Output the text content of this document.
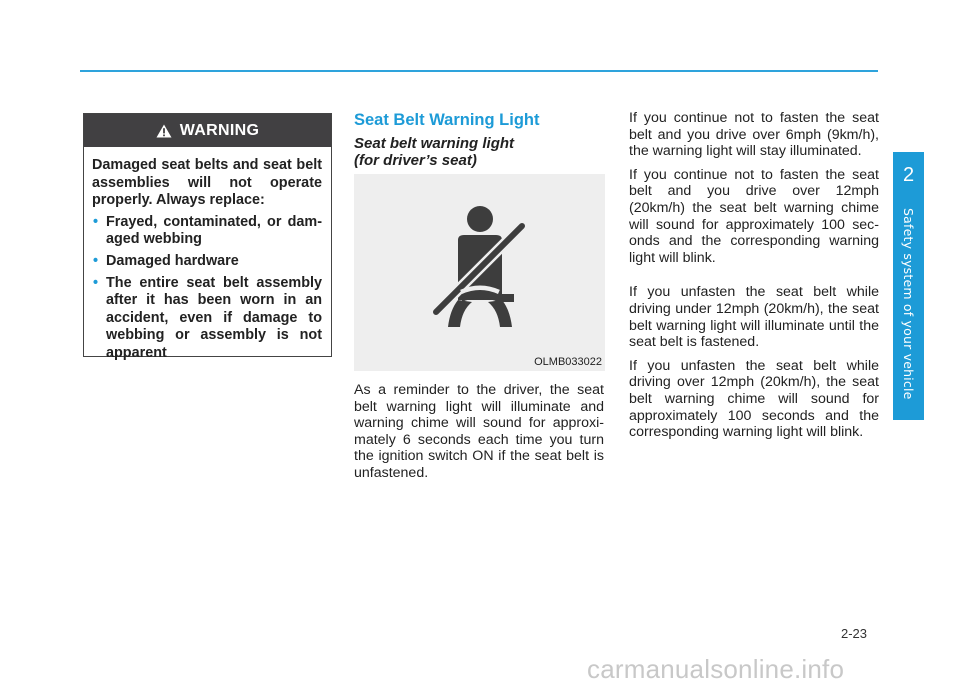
2
Safety system of your vehicle
WARNING

Damaged seat belts and seat belt assemblies will not operate properly. Always replace:

• Frayed, contaminated, or dam-aged webbing
• Damaged hardware
• The entire seat belt assembly after it has been worn in an accident, even if damage to webbing or assembly is not apparent
Seat Belt Warning Light
Seat belt warning light
(for driver’s seat)
OLMB033022

As a reminder to the driver, the seat belt warning light will illuminate and warning chime will sound for approxi-mately 6 seconds each time you turn the ignition switch ON if the seat belt is unfastened.

If you continue not to fasten the seat belt and you drive over 6mph (9km/h), the warning light will stay illuminated.

If you continue not to fasten the seat belt and you drive over 12mph (20km/h) the seat belt warning chime will sound for approximately 100 sec-onds and the corresponding warning light will blink.

If you unfasten the seat belt while driving under 12mph (20km/h), the seat belt warning light will illuminate until the seat belt is fastened.

If you unfasten the seat belt while driving over 12mph (20km/h), the seat belt warning chime will sound for approximately 100 seconds and the corresponding warning light will blink.

2-23
carmanualsonline.info
